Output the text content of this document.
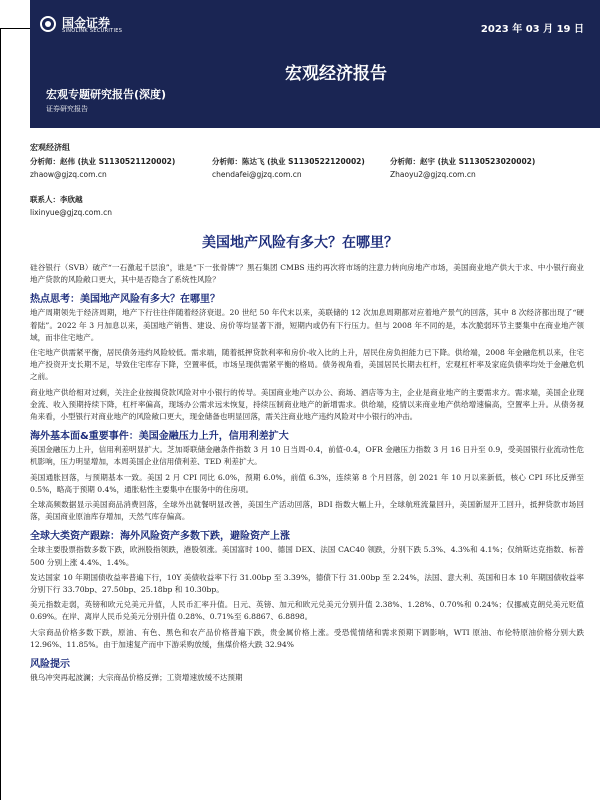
国金证券
SINOLINK SECURITIES	2023 年 03 月 19 日
宏观经济报告
宏观专题研究报告(深度)
证券研究报告
宏观经济组
分析师：赵伟 (执业 S1130521120002)	分析师：陈达飞 (执业 S1130522120002)	分析师：赵宇 (执业 S1130523020002)
zhaow@gjzq.com.cn	chendafei@gjzq.com.cn	Zhaoyu2@gjzq.com.cn
联系人：李欣越
lixinyue@gjzq.com.cn
美国地产风险有多大？在哪里？

硅谷银行（SVB）破产“一石激起千层浪”，谁是“下一张骨牌”？黑石集团 CMBS 违约再次将市场的注意力转向房地产市场，美国商业地产供大于求、中小银行商业地产贷款的风险敞口更大，其中是否隐含了系统性风险？

热点思考：美国地产风险有多大？在哪里？

地产周期领先于经济周期，地产下行往往伴随着经济衰退。20 世纪 50 年代末以来，美联储的 12 次加息周期都对应着地产景气的回落，其中 8 次经济都出现了“硬着陆”。2022 年 3 月加息以来，美国地产销售、建设、房价等均显著下滑，短期内或仍有下行压力。但与 2008 年不同的是，本次脆弱环节主要集中在商业地产领域，而非住宅地产。

住宅地产供需紧平衡，居民债务违约风险较低。需求端，随着抵押贷款利率和房价-收入比的上升，居民住房负担能力已下降。供给端，2008 年金融危机以来，住宅地产投资开支长期不足，导致住宅库存下降，空置率低，市场呈现供需紧平衡的格局。债务视角看，美国居民长期去杠杆，宏观杠杆率及家庭负债率均处于金融危机之前。

商业地产供给相对过剩，关注企业按揭贷款风险对中小银行的传导。美国商业地产以办公、商场、酒店等为主，企业是商业地产的主要需求方。需求端，美国企业现金流、收入预期持续下降，杠杆率偏高，现场办公需求远未恢复，持续压制商业地产的新增需求。供给端，疫情以来商业地产供给增速偏高，空置率上升。从债务视角来看，小型银行对商业地产的风险敞口更大，现金储备也明显回落，需关注商业地产违约风险对中小银行的冲击。

海外基本面&重要事件：美国金融压力上升，信用利差扩大

美国金融压力上升，信用利差明显扩大。芝加哥联储金融条件指数 3 月 10 日当周-0.4，前值-0.4，OFR 金融压力指数 3 月 16 日升至 0.9，受美国银行业流动性危机影响，压力明显增加，本周美国企业信用债利差、TED 利差扩大。

美国通胀回落，与预期基本一致。美国 2 月 CPI 同比 6.0%，预期 6.0%，前值 6.3%，连续第 8 个月回落，创 2021 年 10 月以来新低，核心 CPI 环比反弹至 0.5%，略高于预期 0.4%，通胀粘性主要集中在服务中的住房项。

全球高频数据显示美国商品消费回落，全球外出就餐明显改善，美国生产活动回落，BDI 指数大幅上升，全球航班流量回升，美国新屋开工回升，抵押贷款市场回落，美国商业原油库存增加，天然气库存偏高。

全球大类资产跟踪：海外风险资产多数下跌，避险资产上涨

全球主要股票指数多数下跌，欧洲股指领跌，港股领涨。美国富时 100、德国 DEX、法国 CAC40 领跌，分别下跌 5.3%、4.3%和 4.1%；仅纳斯达克指数、标普 500 分别上涨 4.4%、1.4%。

发达国家 10 年期国债收益率普遍下行，10Y 美债收益率下行 31.00bp 至 3.39%，德债下行 31.00bp 至 2.24%，法国、意大利、英国和日本 10 年期国债收益率分别下行 33.70bp、27.50bp、25.18bp 和 10.30bp。

美元指数走弱，英镑和欧元兑美元升值，人民币汇率升值。日元、英镑、加元和欧元兑美元分别升值 2.38%、1.28%、0.70%和 0.24%；仅挪威克朗兑美元贬值 0.69%。在岸、离岸人民币兑美元分别升值 0.28%、0.71%至 6.8867、6.8898。

大宗商品价格多数下跌，原油、有色、黑色和农产品价格普遍下跌，贵金属价格上涨。受恐慌情绪和需求预期下调影响，WTI 原油、布伦特原油价格分别大跌 12.96%、11.85%。由于加速复产而中下游采购放缓，焦煤价格大跌 32.94%

风险提示

俄乌冲突再起波澜；大宗商品价格反弹；工资增速放缓不达预期
